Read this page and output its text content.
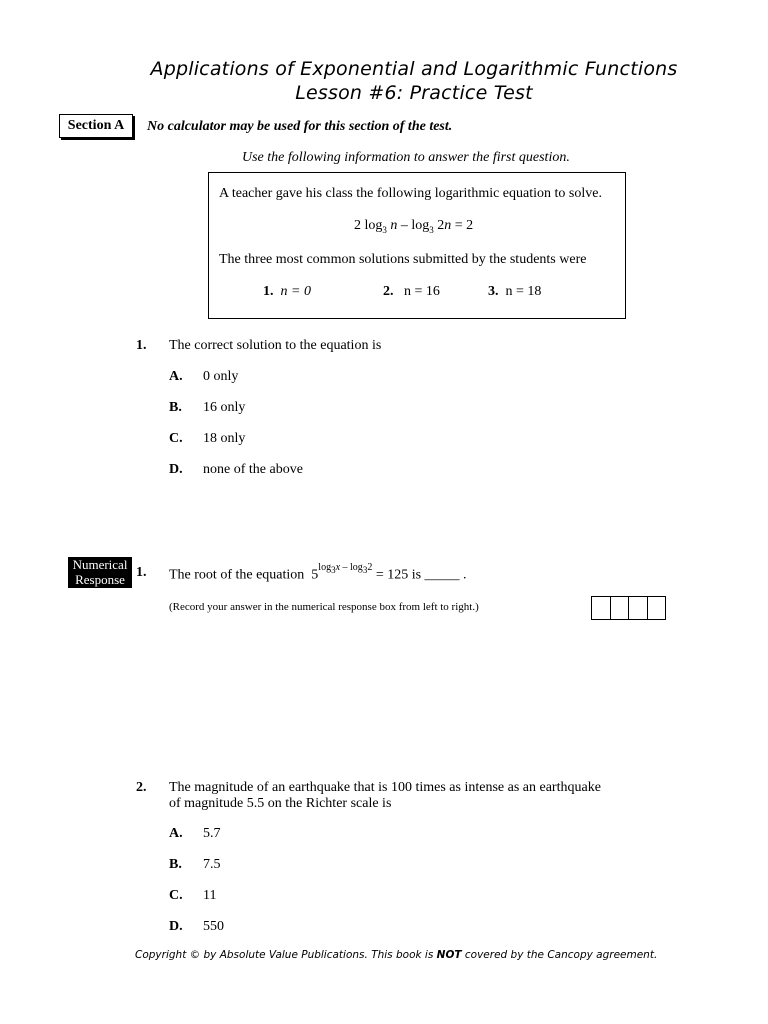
Applications of Exponential and Logarithmic Functions
Lesson #6: Practice Test
Section A	No calculator may be used for this section of the test.
Use the following information to answer the first question.
A teacher gave his class the following logarithmic equation to solve.
2 $\log_3 n - \log_3 2n = 2$
The three most common solutions submitted by the students were
1. n = 0	2. n = 16	3. n = 18
1. The correct solution to the equation is
A. 0 only
B. 16 only
C. 18 only
D. none of the above
Numerical
Response 1. The root of the equation  $5^{log_3x - log_32} = 125$ is _____ .
(Record your answer in the numerical response box from left to right.)
2. The magnitude of an earthquake that is 100 times as intense as an earthquake
of magnitude 5.5 on the Richter scale is
A. 5.7
B. 7.5
C. 11
D. 550
Copyright © by Absolute Value Publications. This book is NOT covered by the Cancopy agreement.
